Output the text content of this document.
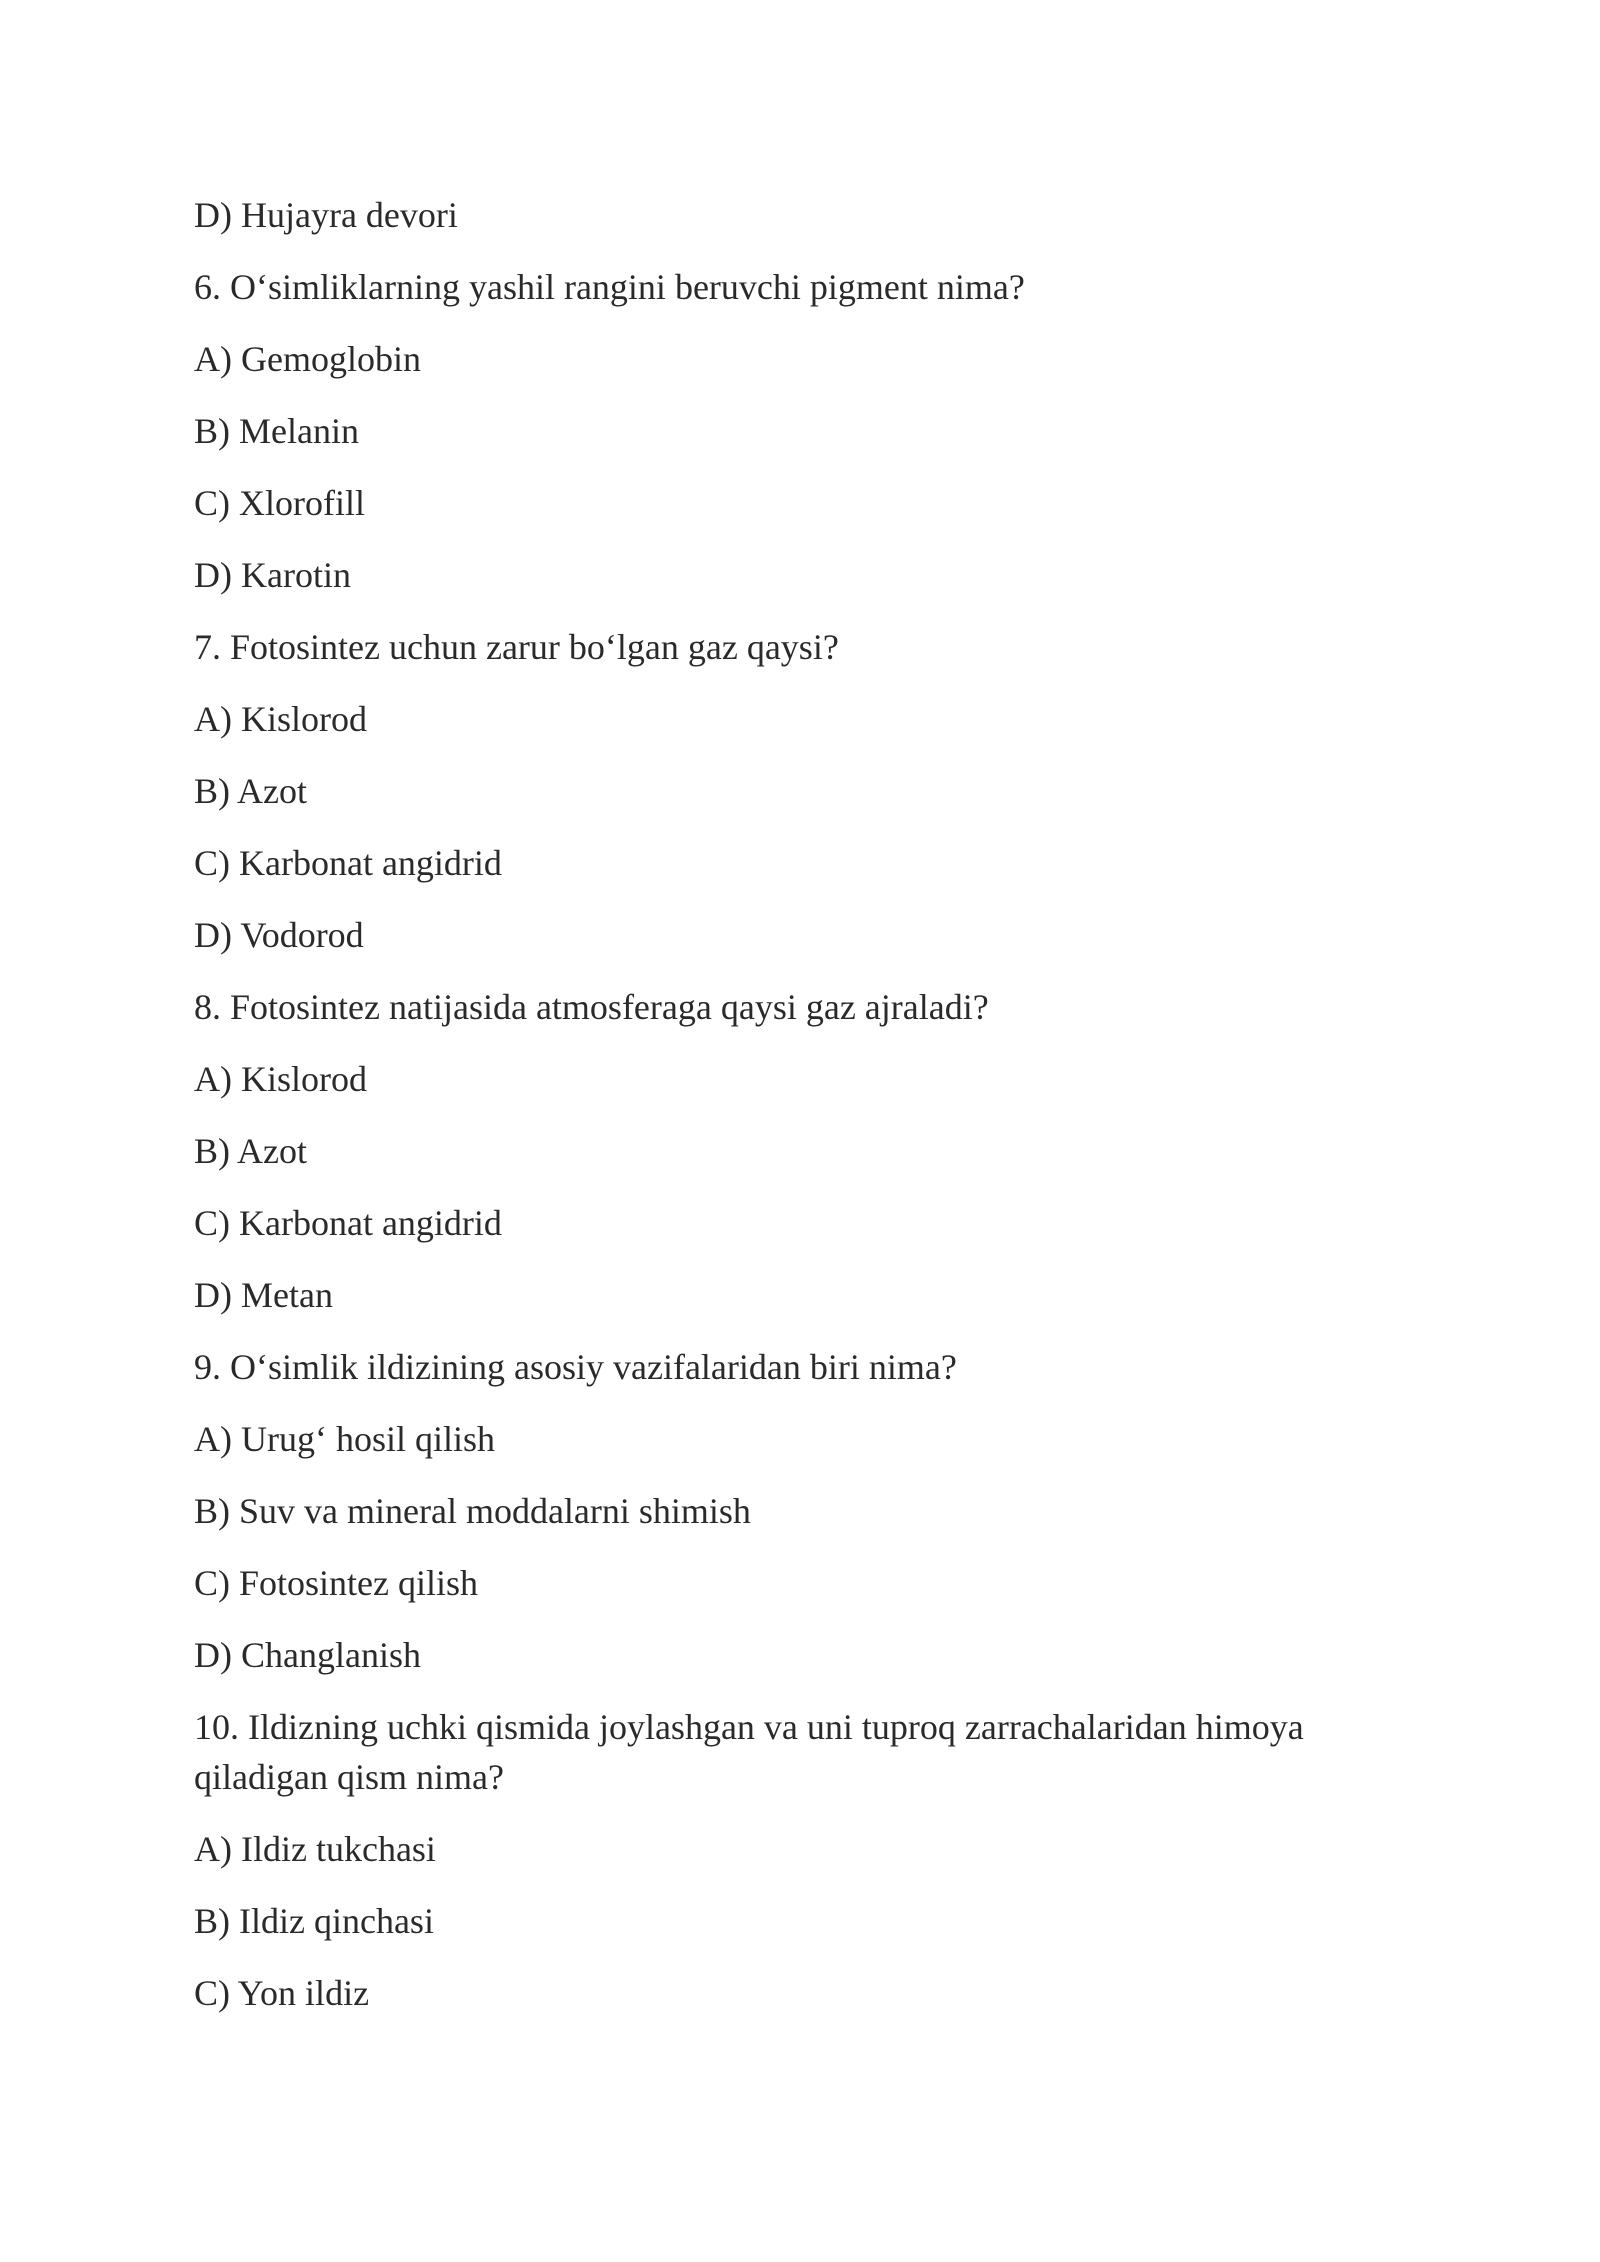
D) Hujayra devori

6. O‘simliklarning yashil rangini beruvchi pigment nima?

A) Gemoglobin

B) Melanin

C) Xlorofill

D) Karotin

7. Fotosintez uchun zarur bo‘lgan gaz qaysi?

A) Kislorod

B) Azot

C) Karbonat angidrid

D) Vodorod

8. Fotosintez natijasida atmosferaga qaysi gaz ajraladi?

A) Kislorod

B) Azot

C) Karbonat angidrid

D) Metan

9. O‘simlik ildizining asosiy vazifalaridan biri nima?

A) Urug‘ hosil qilish

B) Suv va mineral moddalarni shimish

C) Fotosintez qilish

D) Changlanish

10. Ildizning uchki qismida joylashgan va uni tuproq zarrachalaridan himoya qiladigan qism nima?

A) Ildiz tukchasi

B) Ildiz qinchasi

C) Yon ildiz
